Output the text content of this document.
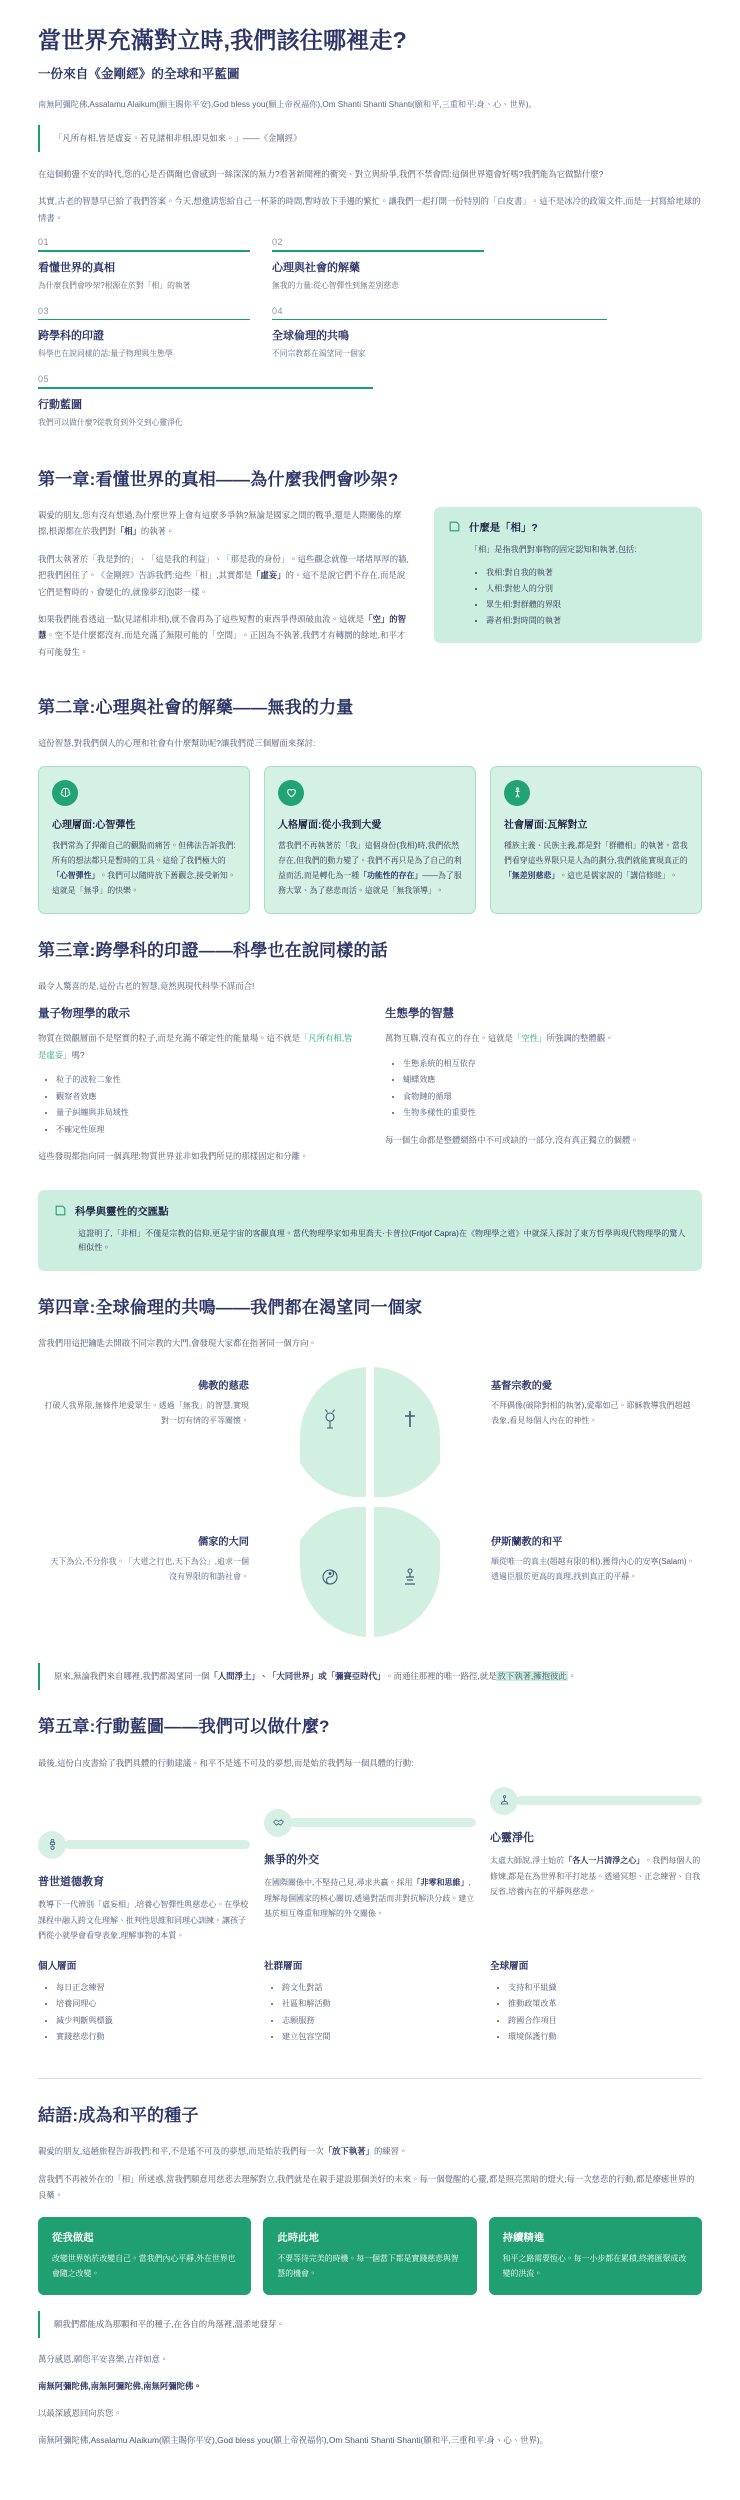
當世界充滿對立時,我們該往哪裡走?
一份來自《金剛經》的全球和平藍圖
南無阿彌陀佛,Assalamu Alaikum(願主賜你平安),God bless you(願上帝祝福你),Om Shanti Shanti Shanti(願和平,三重和平:身、心、世界)。
「凡所有相,皆是虛妄。若見諸相非相,即見如來。」——《金剛經》

在這個動盪不安的時代,您的心是否偶爾也會感到一絲深深的無力?看著新聞裡的衝突、對立與紛爭,我們不禁會問:這個世界還會好嗎?我們能為它做點什麼?

其實,古老的智慧早已給了我們答案。今天,想邀請您給自己一杯茶的時間,暫時放下手邊的繁忙。讓我們一起打開一份特別的「白皮書」。這不是冰冷的政策文件,而是一封寫給地球的情書。

01
看懂世界的真相
為什麼我們會吵架?根源在於對「相」的執著
02
心理與社會的解藥
無我的力量:從心智彈性到無差別慈悲
03
跨學科的印證
科學也在說同樣的話:量子物理與生態學
04
全球倫理的共鳴
不同宗教都在渴望同一個家
05
行動藍圖
我們可以做什麼?從教育到外交到心靈淨化
第一章:看懂世界的真相——為什麼我們會吵架?

親愛的朋友,您有沒有想過,為什麼世界上會有這麼多爭執?無論是國家之間的戰爭,還是人際關係的摩擦,根源都在於我們對「相」的執著。

我們太執著於「我是對的」、「這是我的利益」、「那是我的身份」。這些觀念就像一堵堵厚厚的牆,把我們困住了。《金剛經》告訴我們:這些「相」,其實都是「虛妄」的。這不是說它們不存在,而是說它們是暫時的、會變化的,就像夢幻泡影一樣。

如果我們能看透這一點(見諸相非相),就不會再為了這些短暫的東西爭得頭破血流。這就是「空」的智慧。空不是什麼都沒有,而是充滿了無限可能的「空間」。正因為不執著,我們才有轉圜的餘地,和平才有可能發生。

什麼是「相」?
「相」是指我們對事物的固定認知和執著,包括:
• 我相:對自我的執著
• 人相:對他人的分別
• 眾生相:對群體的界限
• 壽者相:對時間的執著
第二章:心理與社會的解藥——無我的力量

這份智慧,對我們個人的心理和社會有什麼幫助呢?讓我們從三個層面來探討:

心理層面:心智彈性
我們常為了捍衛自己的觀點而痛苦。但佛法告訴我們:所有的想法都只是暫時的工具。這給了我們極大的「心智彈性」。我們可以隨時放下舊觀念,接受新知。這就是「無爭」的快樂。
人格層面:從小我到大愛
當我們不再執著於「我」這個身份(我相)時,我們依然存在,但我們的動力變了。我們不再只是為了自己的利益而活,而是轉化為一種「功能性的存在」——為了服務大眾、為了慈悲而活。這就是「無我領導」。
社會層面:瓦解對立
種族主義、民族主義,都是對「群體相」的執著。當我們看穿這些界限只是人為的劃分,我們就能實現真正的「無差別慈悲」。這也是儒家說的「講信修睦」。
第三章:跨學科的印證——科學也在說同樣的話

最令人驚喜的是,這份古老的智慧,竟然與現代科學不謀而合!

量子物理學的啟示

物質在微觀層面不是堅實的粒子,而是充滿不確定性的能量場。這不就是「凡所有相,皆是虛妄」嗎?

• 粒子的波粒二象性
• 觀察者效應
• 量子糾纏與非局域性
• 不確定性原理

這些發現都指向同一個真理:物質世界並非如我們所見的那樣固定和分離。

生態學的智慧

萬物互聯,沒有孤立的存在。這就是「空性」所強調的整體觀。

• 生態系統的相互依存
• 蝴蝶效應
• 食物鏈的循環
• 生物多樣性的重要性

每一個生命都是整體網絡中不可或缺的一部分,沒有真正獨立的個體。

科學與靈性的交匯點
這證明了,「非相」不僅是宗教的信仰,更是宇宙的客觀真理。當代物理學家如弗里喬夫·卡普拉(Fritjof Capra)在《物理學之道》中就深入探討了東方哲學與現代物理學的驚人相似性。
第四章:全球倫理的共鳴——我們都在渴望同一個家

當我們用這把鑰匙去開啟不同宗教的大門,會發現大家都在指著同一個方向。

佛教的慈悲
打破人我界限,無條件地愛眾生。透過「無我」的智慧,實現對一切有情的平等關懷。
基督宗教的愛
不拜偶像(破除對相的執著),愛鄰如己。耶穌教導我們超越表象,看見每個人內在的神性。
儒家的大同
天下為公,不分你我。「大道之行也,天下為公」,追求一個沒有界限的和諧社會。
伊斯蘭教的和平
順從唯一的真主(超越有限的相),獲得內心的安寧(Salam)。透過臣服於更高的真理,找到真正的平靜。
原來,無論我們來自哪裡,我們都渴望同一個「人間淨土」、「大同世界」或「彌賽亞時代」。而通往那裡的唯一路徑,就是放下執著,擁抱彼此。
第五章:行動藍圖——我們可以做什麼?

最後,這份白皮書給了我們具體的行動建議。和平不是遙不可及的夢想,而是始於我們每一個具體的行動:

普世道德教育
教導下一代辨別「虛妄相」,培養心智彈性與慈悲心。在學校課程中融入跨文化理解、批判性思維和同理心訓練。讓孩子們從小就學會看穿表象,理解事物的本質。
無爭的外交
在國際關係中,不堅持己見,尋求共贏。採用「非零和思維」,理解每個國家的核心關切,透過對話而非對抗解決分歧。建立基於相互尊重和理解的外交關係。
心靈淨化
太虛大師說,淨土始於「各人一片清淨之心」。我們每個人的修煉,都是在為世界和平打地基。透過冥想、正念練習、自我反省,培養內在的平靜與慈悲。
個人層面
• 每日正念練習
• 培養同理心
• 減少判斷與標籤
• 實踐慈悲行動
社群層面
• 跨文化對話
• 社區和解活動
• 志願服務
• 建立包容空間
全球層面
• 支持和平組織
• 推動政策改革
• 跨國合作項目
• 環境保護行動
結語:成為和平的種子

親愛的朋友,這趟旅程告訴我們:和平,不是遙不可及的夢想,而是始於我們每一次「放下執著」的練習。

當我們不再被外在的「相」所迷惑,當我們願意用慈悲去理解對立,我們就是在親手建設那個美好的未來。每一個覺醒的心靈,都是照亮黑暗的燈火;每一次慈悲的行動,都是療癒世界的良藥。

從我做起
改變世界始於改變自己。當我們內心平靜,外在世界也會隨之改變。
此時此地
不要等待完美的時機。每一個當下都是實踐慈悲與智慧的機會。
持續精進
和平之路需要恆心。每一小步都在累積,終將匯聚成改變的洪流。
願我們都能成為那顆和平的種子,在各自的角落裡,溫柔地發芽。
萬分感恩,願您平安喜樂,吉祥如意。
南無阿彌陀佛,南無阿彌陀佛,南無阿彌陀佛。
以最深感恩回向於您。
南無阿彌陀佛,Assalamu Alaikum(願主賜你平安),God bless you(願上帝祝福你),Om Shanti Shanti Shanti(願和平,三重和平:身、心、世界)。
